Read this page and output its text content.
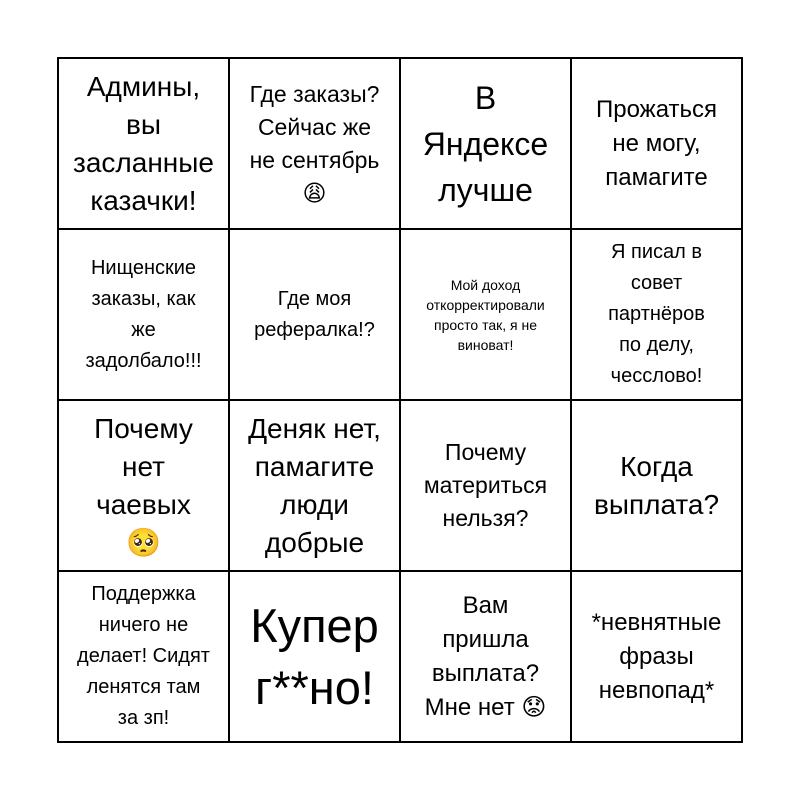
Админы,
вы
засланные
казачки!
Где заказы?
Сейчас же
не сентябрь
😩
В
Яндексе
лучше
Прожаться
не могу,
памагите
Нищенские
заказы, как
же
задолбало!!!
Где моя
рефералка!?
Мой доход
откорректировали
просто так, я не
виноват!
Я писал в
совет
партнёров
по делу,
чесслово!
Почему
нет
чаевых
🥺
Деняк нет,
памагите
люди
добрые
Почему
материться
нельзя?
Когда
выплата?
Поддержка
ничего не
делает! Сидят
ленятся там
за зп!
Купер
г**но!
Вам
пришла
выплата?
Мне нет 😟
*невнятные
фразы
невпопад*
